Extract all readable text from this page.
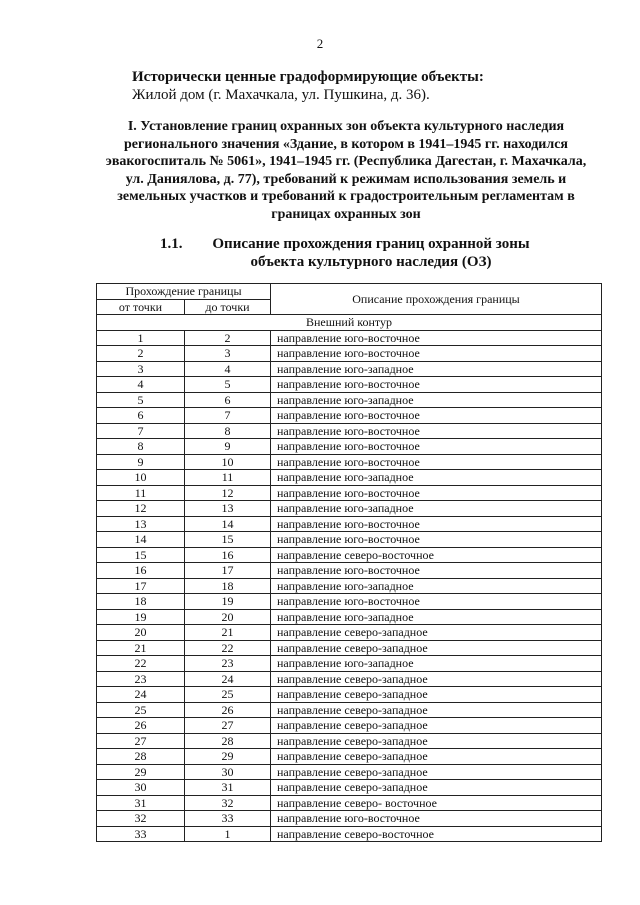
2
Исторически ценные градоформирующие объекты:
Жилой дом (г. Махачкала, ул. Пушкина, д. 36).
I. Установление границ охранных зон объекта культурного наследия
регионального значения «Здание, в котором в 1941–1945 гг. находился
эвакогоспиталь № 5061», 1941–1945 гг. (Республика Дагестан, г. Махачкала,
ул. Даниялова, д. 77), требований к режимам использования земель и
земельных участков и требований к градостроительным регламентам в
границах охранных зон
1.1.	Описание прохождения границ охранной зоны
объекта культурного наследия (ОЗ)
Прохождение границы		Описание прохождения границы
от точки	до точки	
Внешний контур		
1	2	направление юго-восточное
2	3	направление юго-восточное
3	4	направление юго-западное
4	5	направление юго-восточное
5	6	направление юго-западное
6	7	направление юго-восточное
7	8	направление юго-восточное
8	9	направление юго-восточное
9	10	направление юго-восточное
10	11	направление юго-западное
11	12	направление юго-восточное
12	13	направление юго-западное
13	14	направление юго-восточное
14	15	направление юго-восточное
15	16	направление северо-восточное
16	17	направление юго-восточное
17	18	направление юго-западное
18	19	направление юго-восточное
19	20	направление юго-западное
20	21	направление северо-западное
21	22	направление северо-западное
22	23	направление юго-западное
23	24	направление северо-западное
24	25	направление северо-западное
25	26	направление северо-западное
26	27	направление северо-западное
27	28	направление северо-западное
28	29	направление северо-западное
29	30	направление северо-западное
30	31	направление северо-западное
31	32	направление северо- восточное
32	33	направление юго-восточное
33	1	направление северо-восточное
